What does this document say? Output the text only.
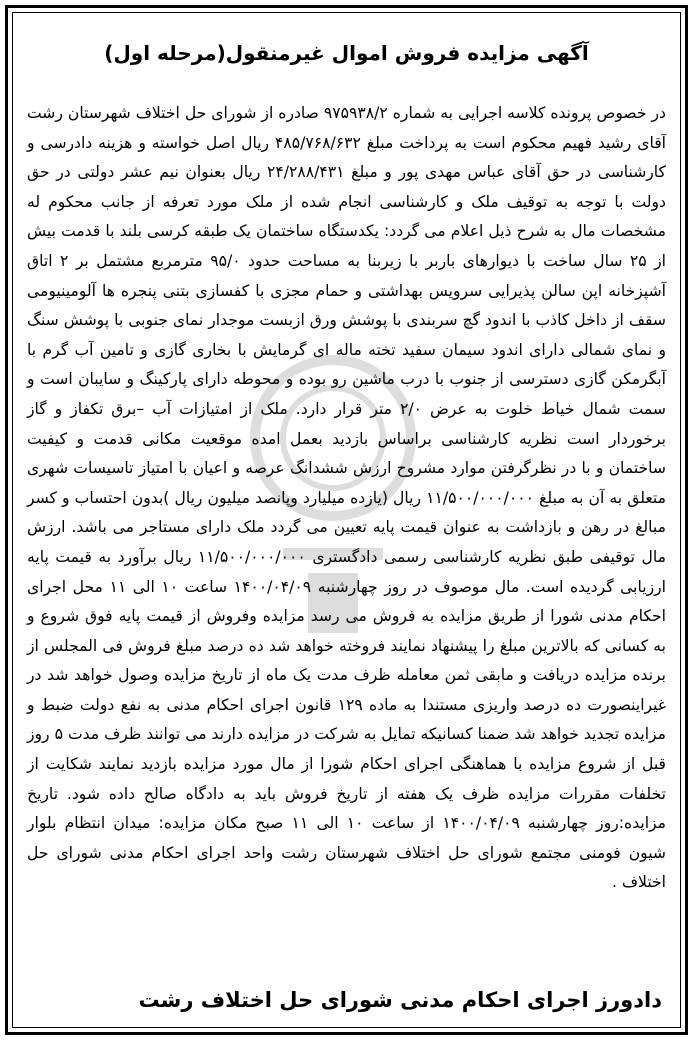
آگهی مزایده فروش اموال غیرمنقول(مرحله اول)
در خصوص پرونده کلاسه اجرایی به شماره ۹۷۵۹۳۸/۲ صادره از شورای حل اختلاف شهرستان رشت آقای رشید فهیم محکوم است به پرداخت مبلغ ۴۸۵/۷۶۸/۶۳۲ ریال اصل خواسته و هزینه دادرسی و کارشناسی در حق آقای عباس مهدی پور و مبلغ ۲۴/۲۸۸/۴۳۱ ریال بعنوان نیم عشر دولتی در حق دولت با توجه به توقیف ملک و کارشناسی انجام شده از ملک مورد تعرفه از جانب محکوم له مشخصات مال به شرح ذیل اعلام می گردد: یکدستگاه ساختمان یک طبقه کرسی بلند با قدمت بیش از ۲۵ سال ساخت با دیوارهای باربر با زیربنا به مساحت حدود ۹۵/۰ مترمربع مشتمل بر ۲ اتاق آشپزخانه اپن سالن پذیرایی سرویس بهداشتی و حمام مجزی با کفسازی بتنی پنجره ها آلومینیومی سقف از داخل کاذب با اندود گچ سربندی با پوشش ورق ازبست موجدار نمای جنوبی با پوشش سنگ و نمای شمالی دارای اندود سیمان سفید تخته ماله ای گرمایش با بخاری گازی و تامین آب گرم با آبگرمکن گازی دسترسی از جنوب با درب ماشین رو بوده و محوطه دارای پارکینگ و سایبان است و سمت شمال خیاط خلوت به عرض ۲/۰ متر قرار دارد. ملک از امتیازات آب –برق تکفاز و گاز برخوردار است نظریه کارشناسی براساس بازدید بعمل امده موقعیت مکانی قدمت و کیفیت ساختمان و با در نظرگرفتن موارد مشروح ارزش ششدانگ عرصه و اعیان با امتیاز تاسیسات شهری متعلق به آن به مبلغ ۱۱/۵۰۰/۰۰۰/۰۰۰ ریال (یازده میلیارد وپانصد میلیون ریال )بدون احتساب و کسر مبالغ در رهن و بازداشت به عنوان قیمت پایه تعیین می گردد ملک دارای مستاجر می باشد. ارزش مال توقیفی طبق نظریه کارشناسی رسمی دادگستری ۱۱/۵۰۰/۰۰۰/۰۰۰ ریال برآورد به قیمت پایه ارزیابی گردیده است. مال موصوف در روز چهارشنبه ۱۴۰۰/۰۴/۰۹ ساعت ۱۰ الی ۱۱ محل اجرای احکام مدنی شورا از طریق مزایده به فروش می رسد مزایده وفروش از قیمت پایه فوق شروع و به کسانی که بالاترین مبلغ را پیشنهاد نمایند فروخته خواهد شد ده درصد مبلغ فروش فی المجلس از برنده مزایده دریافت و مابقی ثمن معامله ظرف مدت یک ماه از تاریخ مزایده وصول خواهد شد در غیراینصورت ده درصد واریزی مستندا به ماده ۱۲۹ قانون اجرای احکام مدنی به نفع دولت ضبط و مزایده تجدید خواهد شد ضمنا کسانیکه تمایل به شرکت در مزایده دارند می توانند ظرف مدت ۵ روز قبل از شروع مزایده با هماهنگی اجرای احکام شورا از مال مورد مزایده بازدید نمایند شکایت از تخلفات مقررات مزایده ظرف یک هفته از تاریخ فروش باید به دادگاه صالح داده شود. تاریخ مزایده:روز چهارشنبه ۱۴۰۰/۰۴/۰۹ از ساعت ۱۰ الی ۱۱ صبح مکان مزایده: میدان انتظام بلوار شیون فومنی مجتمع شورای حل اختلاف شهرستان رشت واحد اجرای احکام مدنی شورای حل اختلاف .
دادورز اجرای احکام مدنی شورای حل اختلاف رشت
